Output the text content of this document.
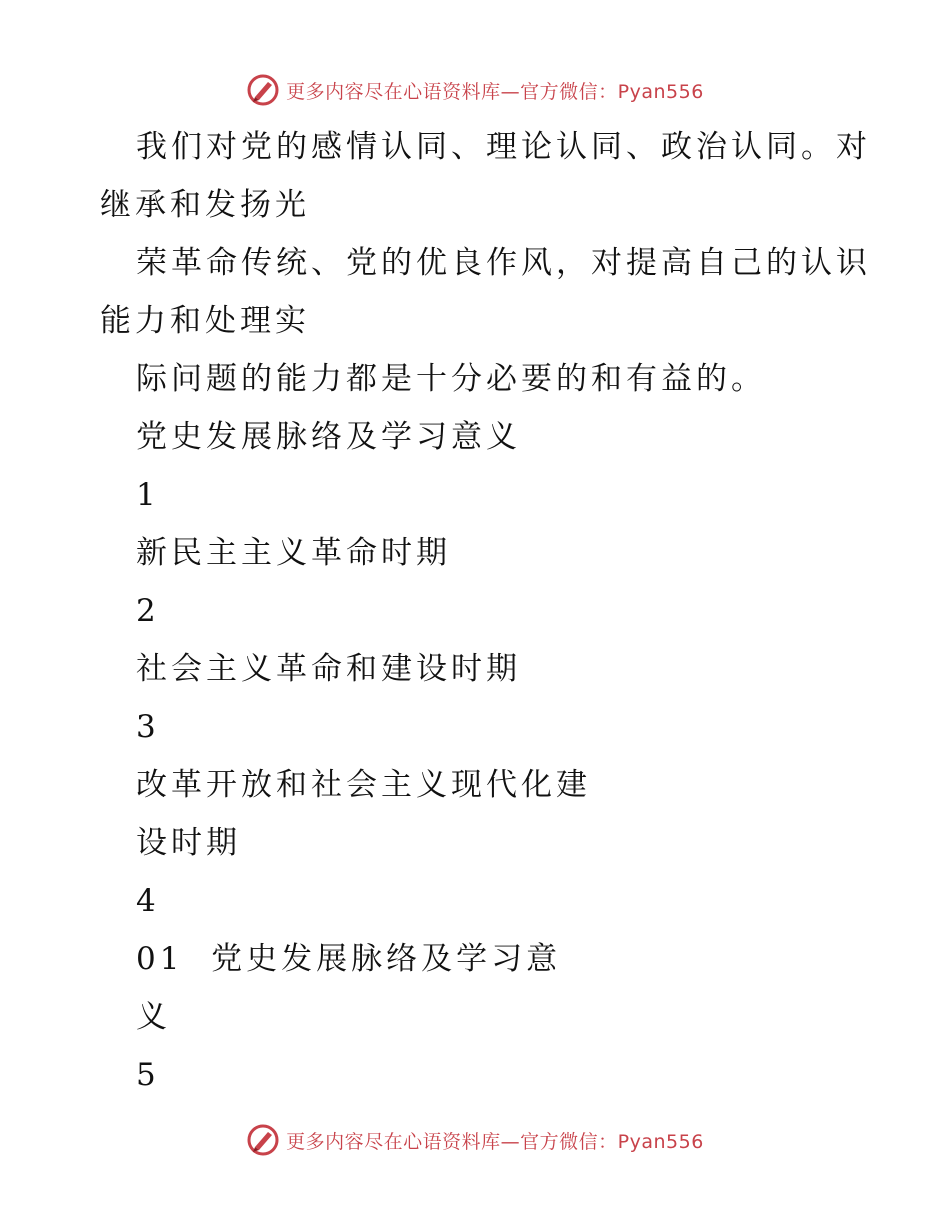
更多内容尽在心语资料库—官方微信：Pyan556
我们对党的感情认同、理论认同、政治认同。对
继承和发扬光
荣革命传统、党的优良作风，对提高自己的认识
能力和处理实
际问题的能力都是十分必要的和有益的。
党史发展脉络及学习意义
1
新民主主义革命时期
2
社会主义革命和建设时期
3
改革开放和社会主义现代化建
设时期
4
01  党史发展脉络及学习意
义
5
更多内容尽在心语资料库—官方微信：Pyan556
